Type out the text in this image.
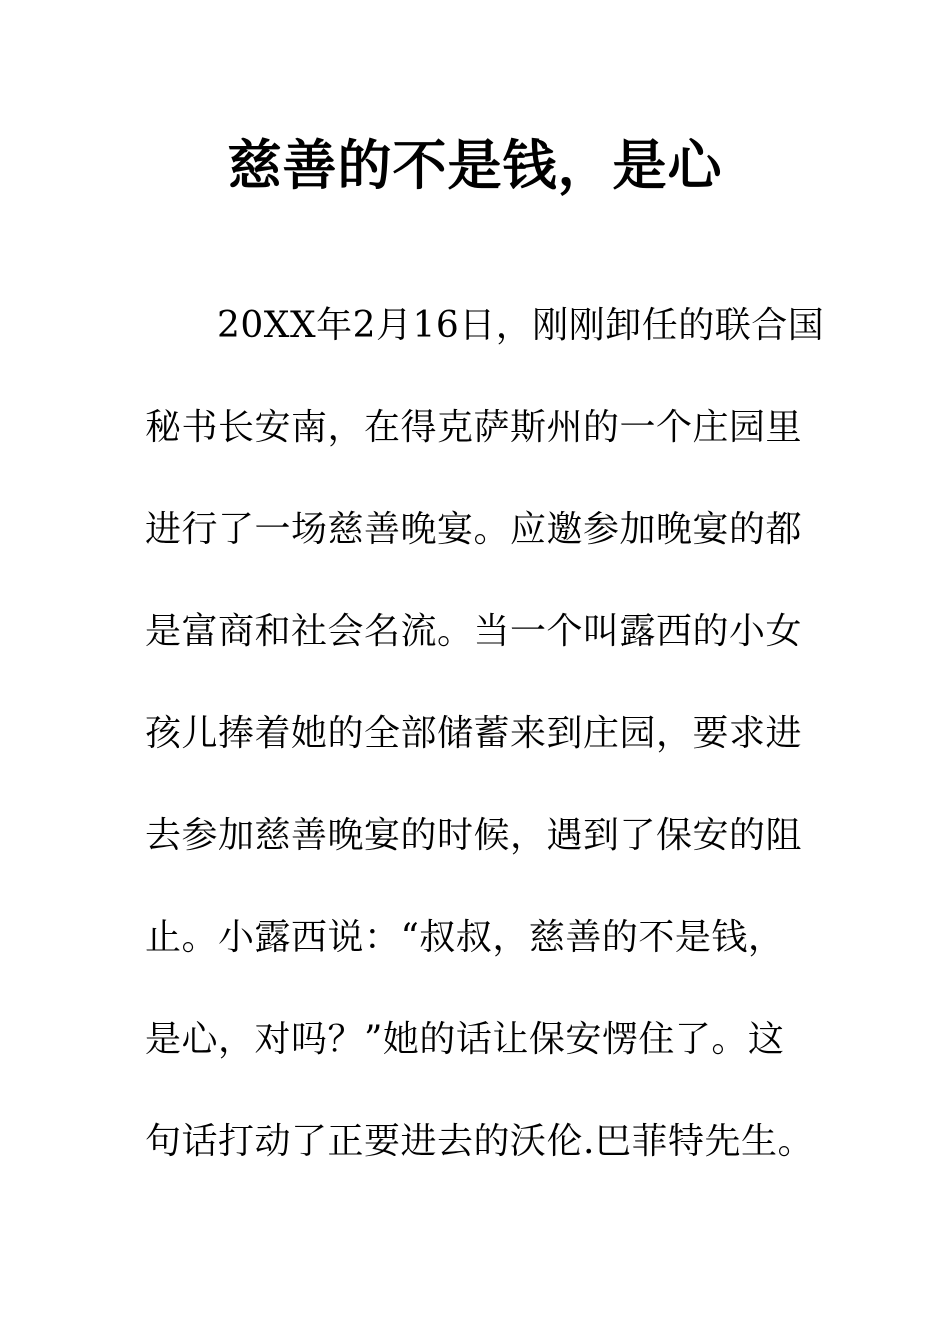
慈善的不是钱，是心
20XX年2月16日，刚刚卸任的联合国
秘书长安南，在得克萨斯州的一个庄园里
进行了一场慈善晚宴。应邀参加晚宴的都
是富商和社会名流。当一个叫露西的小女
孩儿捧着她的全部储蓄来到庄园，要求进
去参加慈善晚宴的时候，遇到了保安的阻
止。小露西说：“叔叔，慈善的不是钱，
是心，对吗？”她的话让保安愣住了。这
句话打动了正要进去的沃伦.巴菲特先生。
